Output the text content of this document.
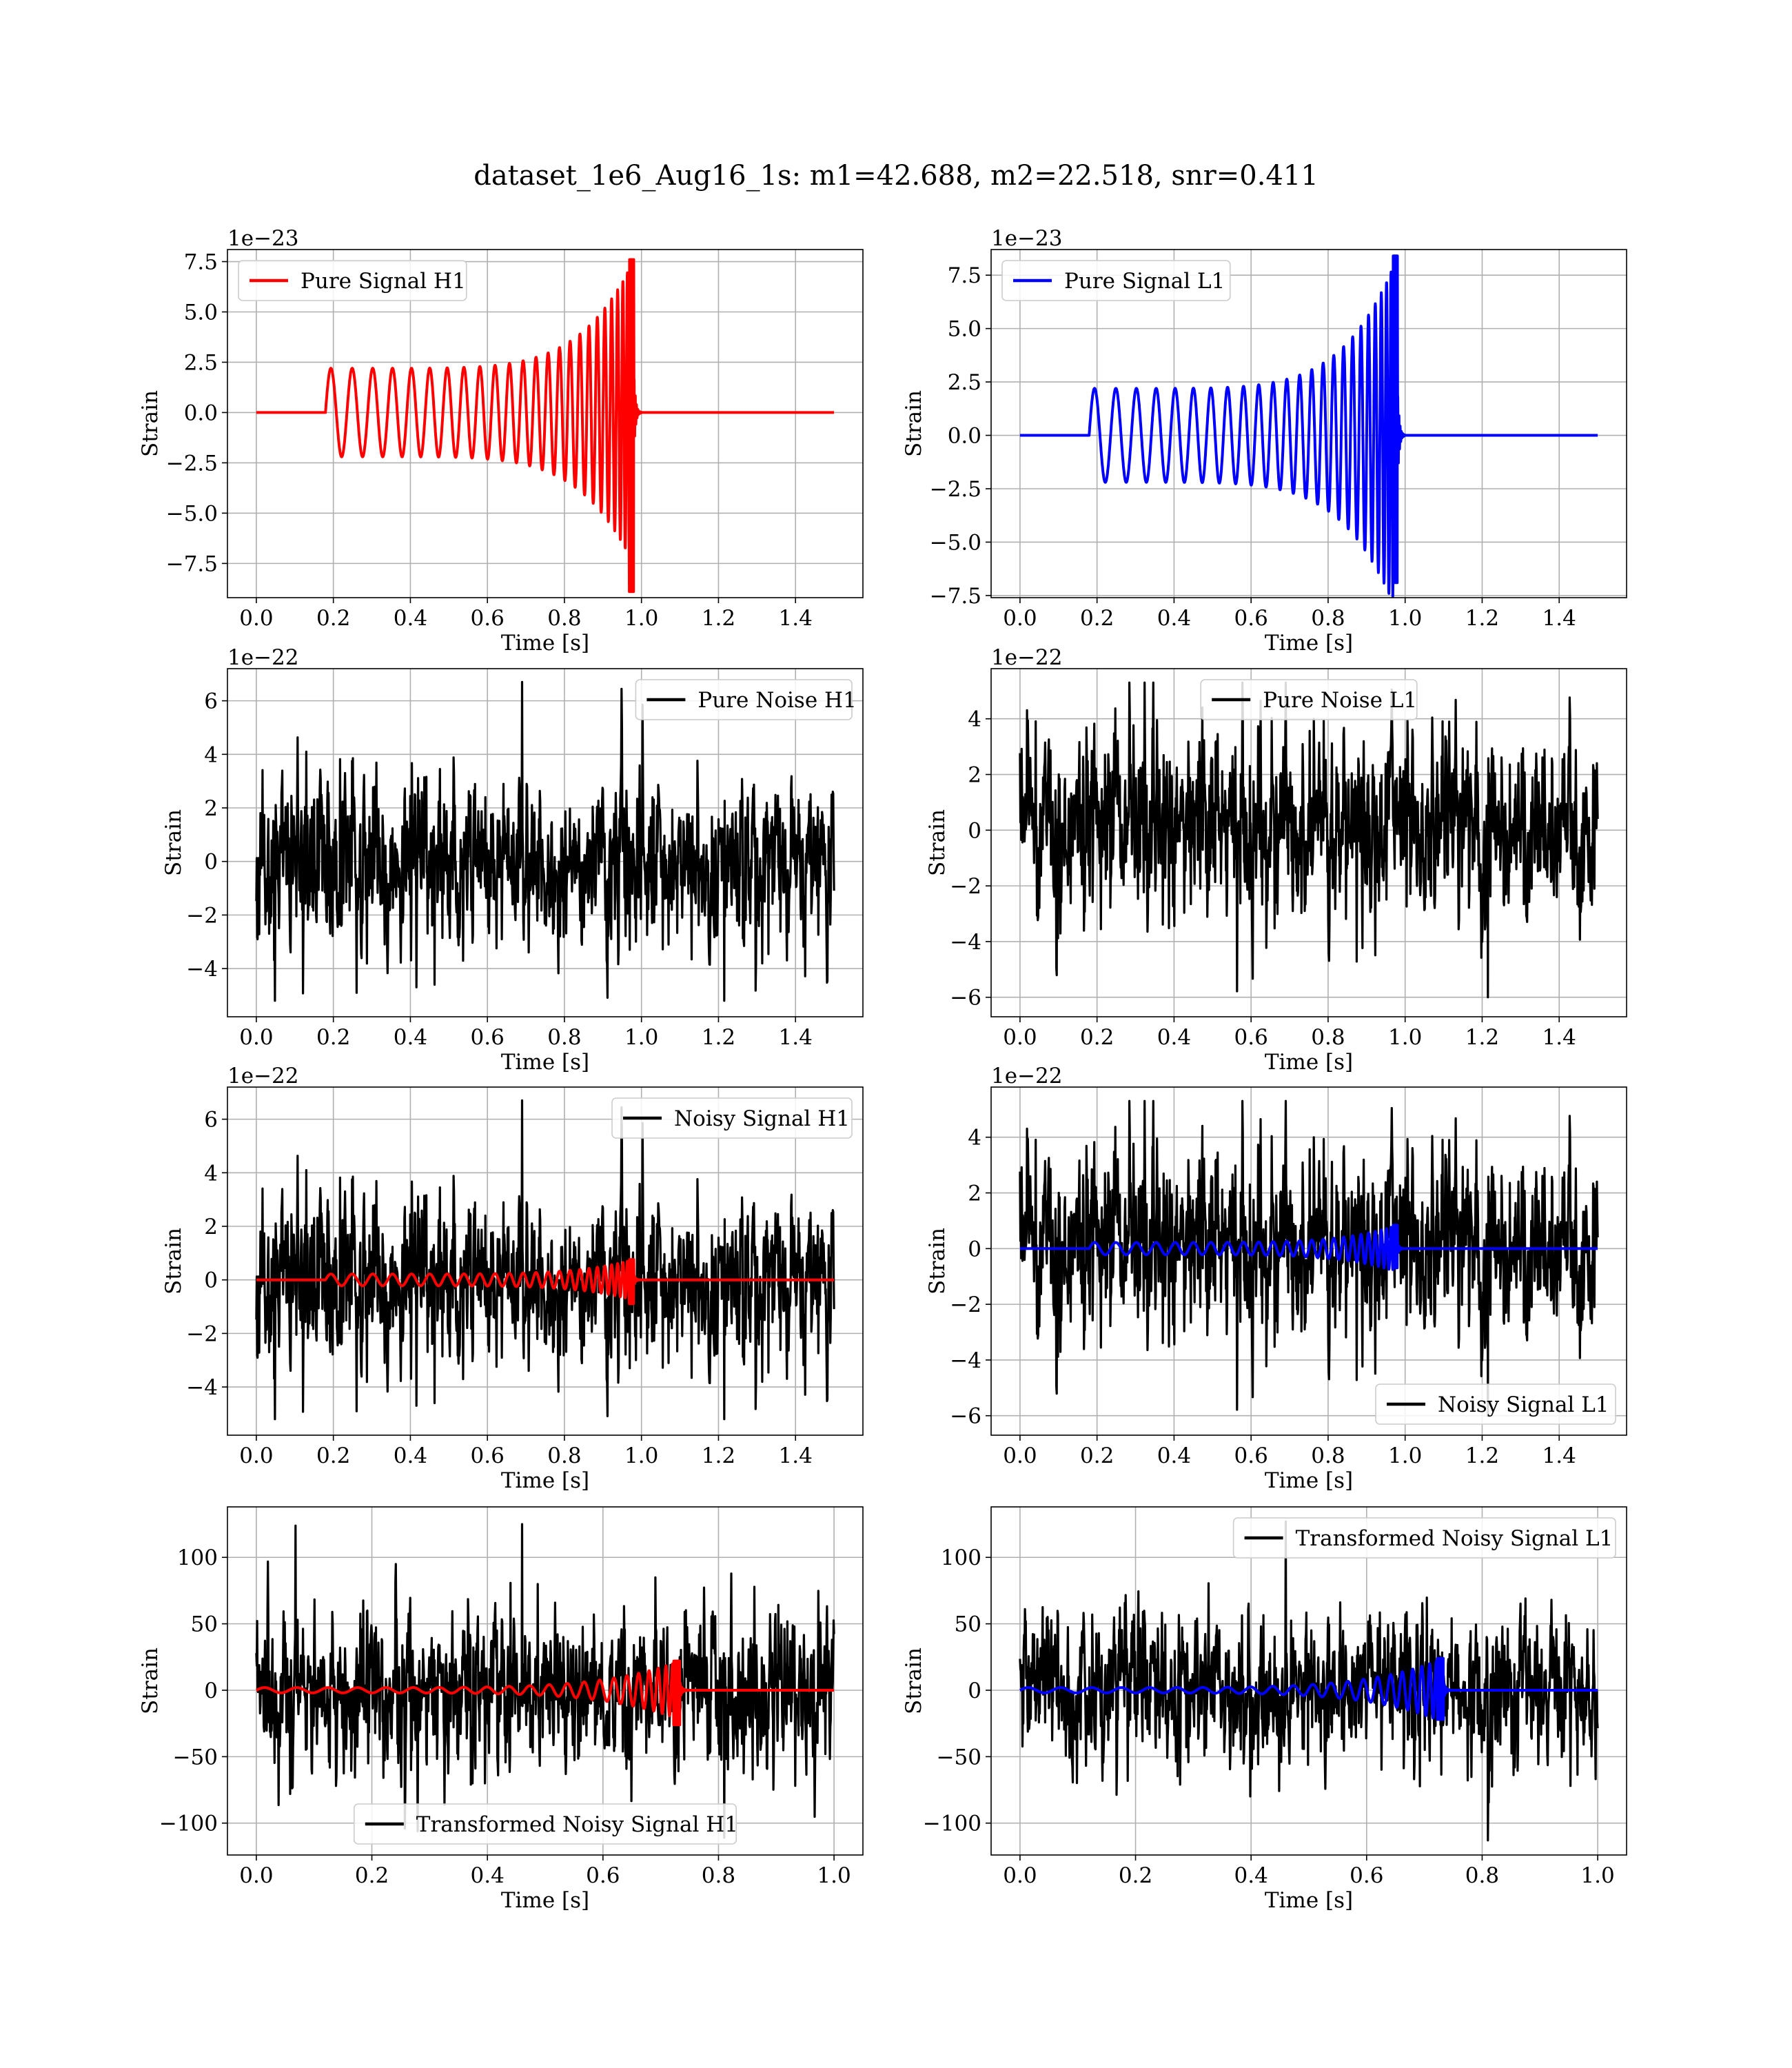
dataset_1e6_Aug16_1s: m1=42.688, m2=22.518, snr=0.411
0.0 0.2 0.4 0.6 0.8 1.0 1.2 1.4
−7.5
−5.0
−2.5
0.0
2.5
5.0
7.5
Time [s]
Strain
1e−23
Pure Signal H1
0.0 0.2 0.4 0.6 0.8 1.0 1.2 1.4
−7.5
−5.0
−2.5
0.0
2.5
5.0
7.5
Time [s]
Strain
1e−23
Pure Signal L1
0.0 0.2 0.4 0.6 0.8 1.0 1.2 1.4
−4
−2
0
2
4
6
Time [s]
Strain
1e−22
Pure Noise H1
0.0 0.2 0.4 0.6 0.8 1.0 1.2 1.4
−6
−4
−2
0
2
4
Time [s]
Strain
1e−22
Pure Noise L1
0.0 0.2 0.4 0.6 0.8 1.0 1.2 1.4
−4
−2
0
2
4
6
Time [s]
Strain
1e−22
Noisy Signal H1
0.0 0.2 0.4 0.6 0.8 1.0 1.2 1.4
−6
−4
−2
0
2
4
Time [s]
Strain
1e−22
Noisy Signal L1
0.0	0.2	0.4	0.6	0.8	1.0
−100
−50
0
50
100
Time [s]
Strain
Transformed Noisy Signal H1
0.0	0.2	0.4	0.6	0.8	1.0
−100
−50
0
50
100
Time [s]
Strain
Transformed Noisy Signal L1
